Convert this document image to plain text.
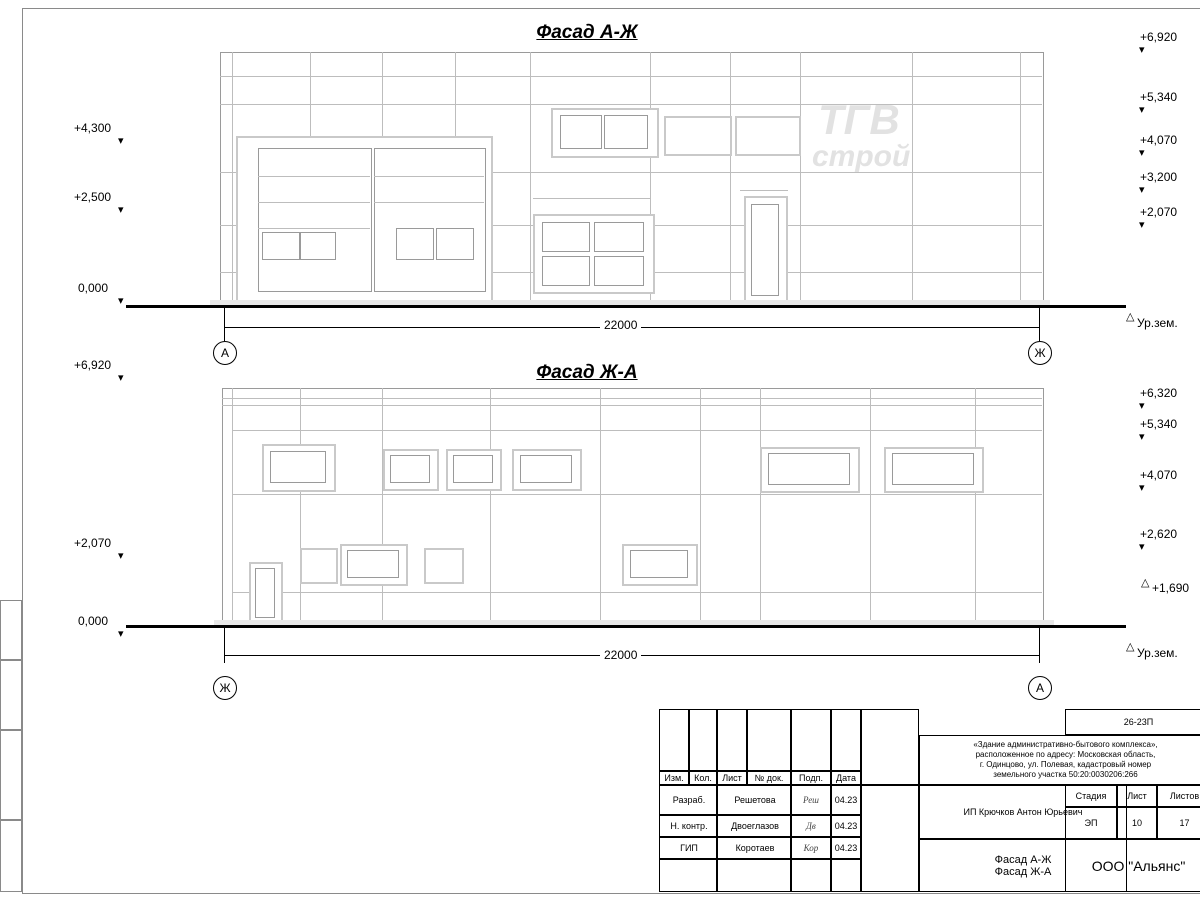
Фасад А-Ж
+4,300
▾
+2,500
▾
0,000
▾
+6,920
▾
+5,340
▾
+4,070
▾
+3,200
▾
+2,070
▾
ТГВ
строй
Ур.зем.
△
22000
А	Ж
Фасад Ж-А
+6,920
▾
+2,070
▾
0,000
▾
+6,320
▾
+5,340
▾
+4,070
▾
+2,620
▾
+1,690
△
Ур.зем.
△
22000
Ж	А
26-23П
«Здание административно-бытового комплекса»,
расположенное по адресу: Московская область,
г. Одинцово, ул. Полевая, кадастровый номер
земельного участка 50:20:0030206:266
Изм.	Кол.	Лист	№ док.	Подп.	Дата
Разраб.	Решетова	Реш	04.23
Н. контр.	Двоеглазов	Дв	04.23
ГИП	Коротаев	Кор	04.23
ИП Крючков Антон Юрьевич
Фасад А-Ж
Фасад Ж-А
Стадия	Лист	Листов
ЭП	10	17
ООО "Альянс"
